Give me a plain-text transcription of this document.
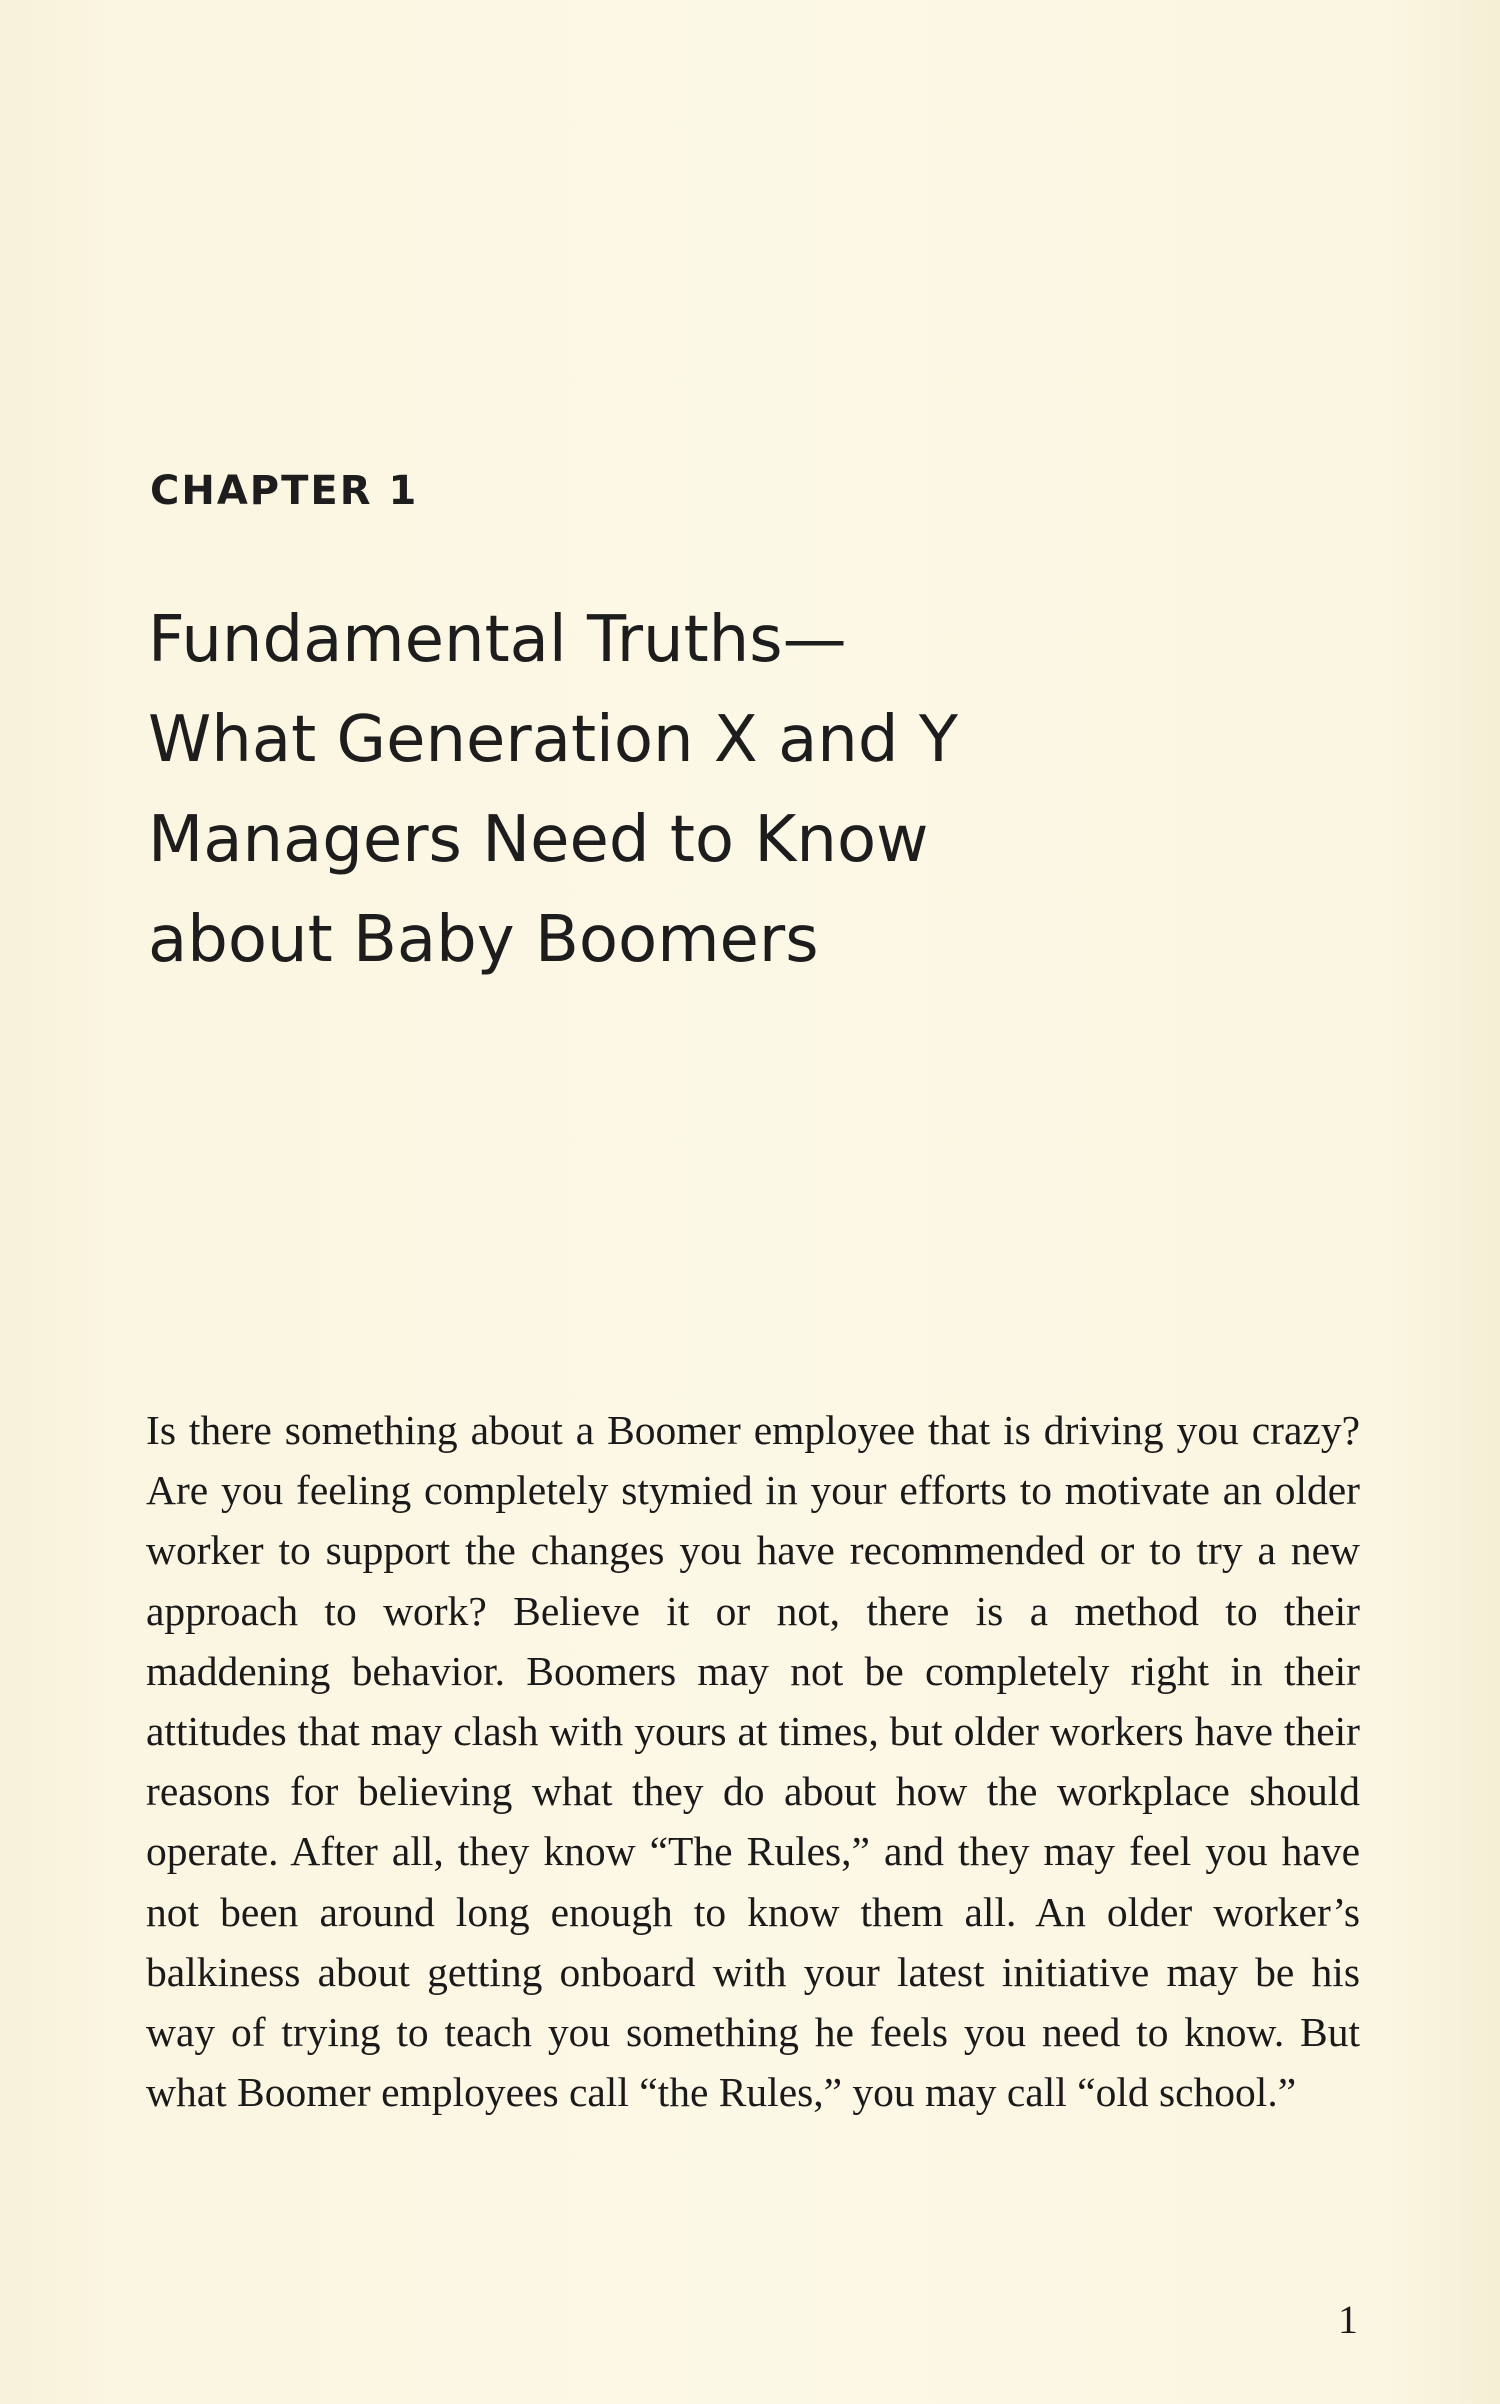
CHAPTER 1
Fundamental Truths—
What Generation X and Y
Managers Need to Know
about Baby Boomers

Is there something about a Boomer employee that is driving you crazy? Are you feeling completely stymied in your efforts to motivate an older worker to support the changes you have recommended or to try a new approach to work? Believe it or not, there is a method to their maddening behavior. Boomers may not be completely right in their attitudes that may clash with yours at times, but older workers have their reasons for believing what they do about how the workplace should operate. After all, they know “The Rules,” and they may feel you have not been around long enough to know them all. An older worker’s balkiness about getting onboard with your latest initiative may be his way of trying to teach you something he feels you need to know. But what Boomer employees call “the Rules,” you may call “old school.”

1
